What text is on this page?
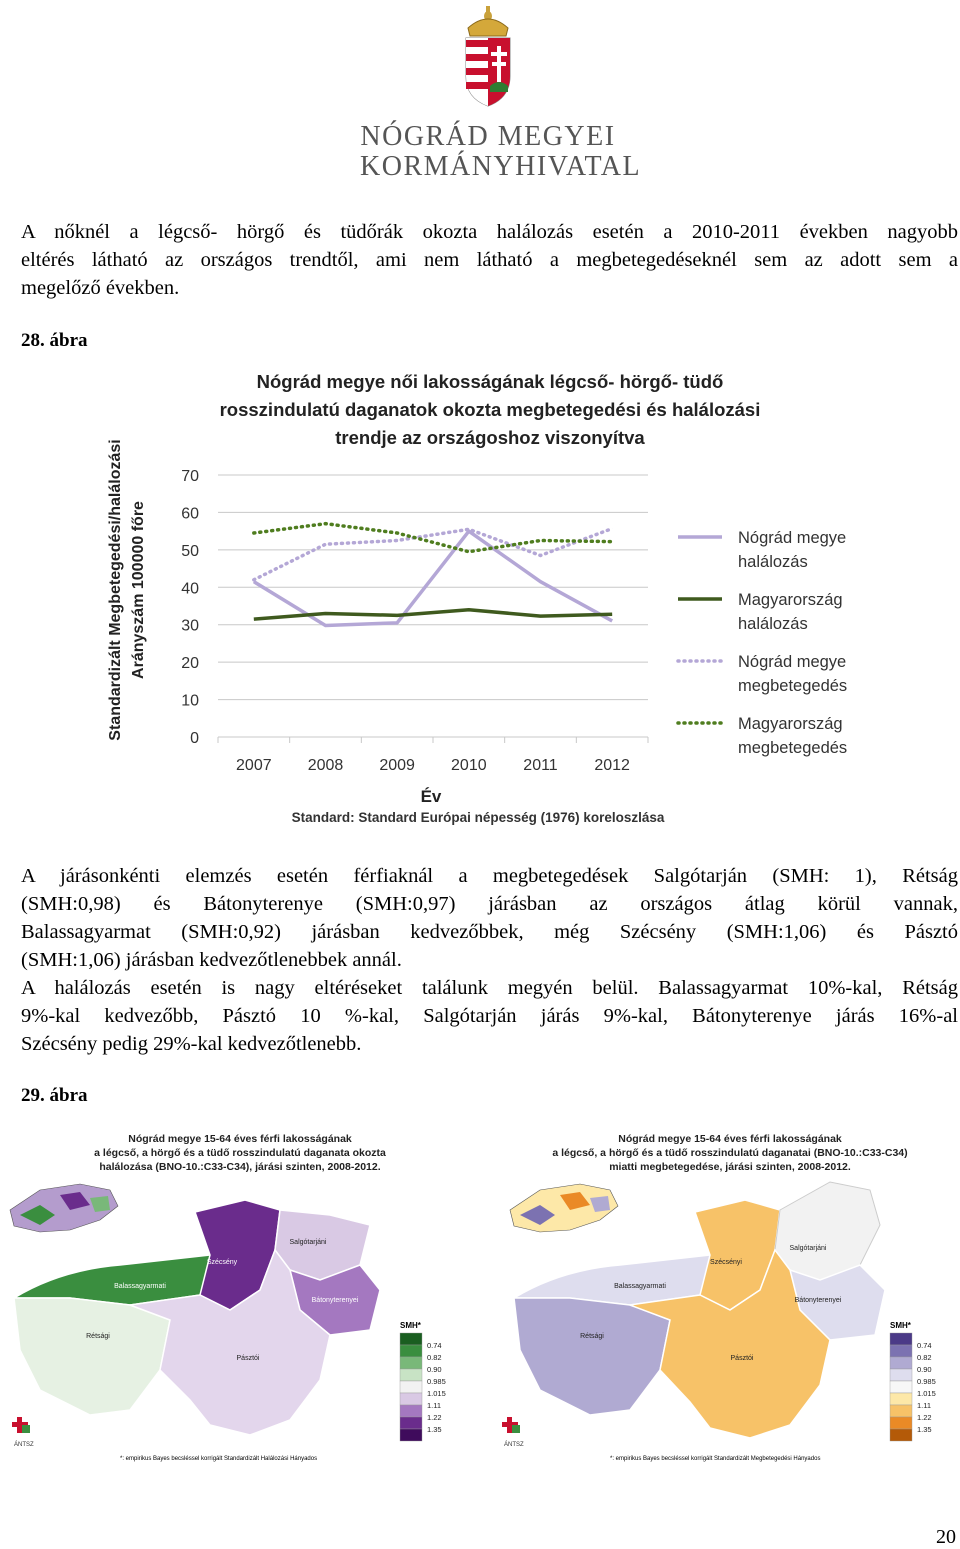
NÓGRÁD MEGYEI
KORMÁNYHIVATAL
A nőknél a légcső- hörgő és tüdőrák okozta halálozás esetén a 2010-2011 években nagyobb
eltérés látható az országos trendtől, ami nem látható a megbetegedéseknél sem az adott sem a
megelőző években.
28. ábra
Nógrád megye női lakosságának légcső- hörgő- tüdő
rosszindulatú daganatok okozta megbetegedési és halálozási
trendje az országoshoz viszonyítva
0
10
20
30
40
50
60
70
2007 2008 2009 2010 2011 2012
Nógrád megye
halálozás
Magyarország
halálozás
Nógrád megye
megbetegedés
Magyarország
megbetegedés
Standardizált Megbetegedési/halálozási Arányszám 100000 főre
Év
Standard: Standard Európai népesség (1976) koreloszlása
A járásonkénti elemzés esetén férfiaknál a megbetegedések Salgótarján (SMH: 1), Rétság
(SMH:0,98) és Bátonyterenye (SMH:0,97) járásban az országos átlag körül vannak,
Balassagyarmat (SMH:0,92) járásban kedvezőbbek, még Szécsény (SMH:1,06) és Pásztó
(SMH:1,06) járásban kedvezőtlenebbek annál.
A halálozás esetén is nagy eltéréseket találunk megyén belül. Balassagyarmat 10%-kal, Rétság
9%-kal kedvezőbb, Pásztó 10 %-kal, Salgótarján járás 9%-kal, Bátonyterenye járás 16%-al
Szécsény pedig 29%-kal kedvezőtlenebb.
29. ábra
Nógrád megye 15-64 éves férfi lakosságának
a légcső, a hörgő és a tüdő rosszindulatú daganata okozta
halálozása (BNO-10.:C33-C34), járási szinten, 2008-2012.
Szécsény
Salgótarjáni
Balassagyarmati
Bátonyterenyei
Rétsági
Pásztói
SMH*
0.74
0.82
0.90
0.985
1.015
1.11
1.22
1.35
ÁNTSZ
*: empirikus Bayes becsléssel korrigált Standardizált Halálozási Hányados
Nógrád megye 15-64 éves férfi lakosságának
a légcső, a hörgő és a tüdő rosszindulatú daganatai (BNO-10.:C33-C34)
miatti megbetegedése, járási szinten, 2008-2012.
Szécsényi
Salgótarjáni
Balassagyarmati
Bátonyterenyei
Rétsági
Pásztói
SMH*
0.74
0.82
0.90
0.985
1.015
1.11
1.22
1.35
ÁNTSZ
*: empirikus Bayes becsléssel korrigált Standardizált Megbetegedési Hányados
20
